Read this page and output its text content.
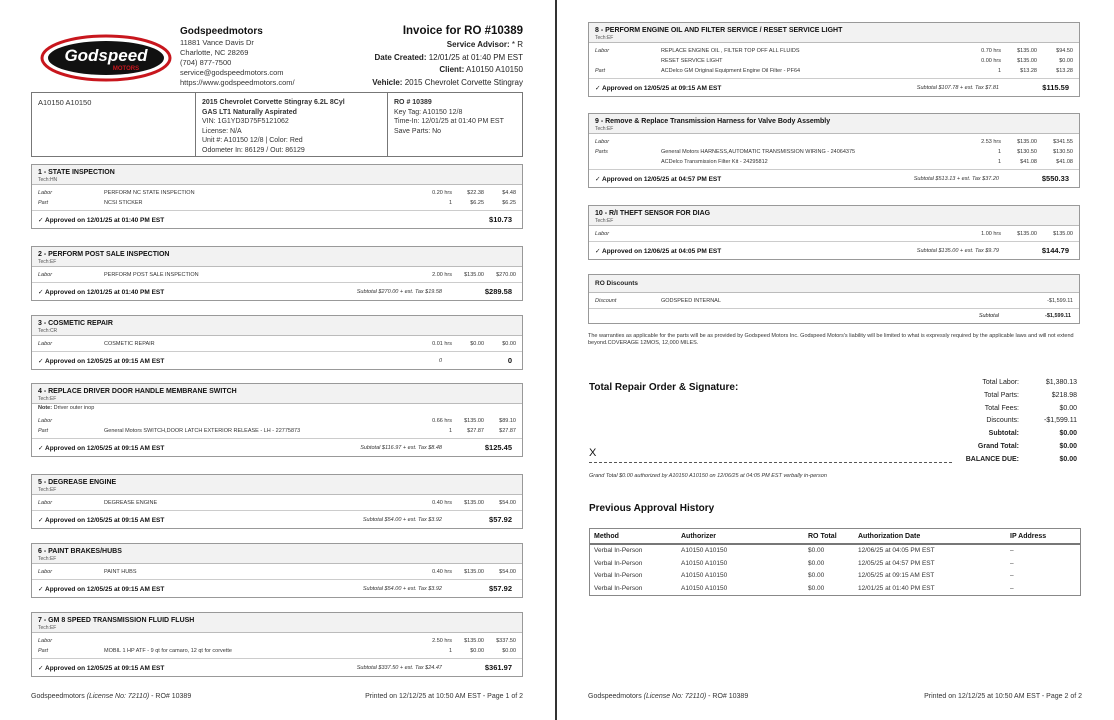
Godspeed
MOTORS
Godspeedmotors
11881 Vance Davis Dr
Charlotte, NC 28269
(704) 877-7500
service@godspeedmotors.com
https://www.godspeedmotors.com/
Invoice for RO #10389
Service Advisor: * R
Date Created: 12/01/25 at 01:40 PM EST
Client: A10150 A10150
Vehicle: 2015 Chevrolet Corvette Stingray
A10150 A10150	2015 Chevrolet Corvette Stingray 6.2L 8Cyl
GAS LT1 Naturally Aspirated
VIN: 1G1YD3D75F5121062
License: N/A
Unit #: A10150 12/8 | Color: Red
Odometer In: 86129 / Out: 86129
RO # 10389
Key Tag: A10150 12/8
Time-In: 12/01/25 at 01:40 PM EST
Save Parts: No
1 - STATE INSPECTION
Tech:HN
Labor	PERFORM NC STATE INSPECTION	0.20 hrs	$22.38	$4.48
Part	NCSI STICKER	1	$6.25	$6.25
✓ Approved on 12/01/25 at 01:40 PM EST	$10.73
2 - PERFORM POST SALE INSPECTION
Tech:EF
Labor	PERFORM POST SALE INSPECTION	2.00 hrs $135.00 $270.00
✓ Approved on 12/01/25 at 01:40 PM EST	Subtotal $270.00 + est. Tax $19.58	$289.58
3 - COSMETIC REPAIR
Tech:CR
Labor	COSMETIC REPAIR	0.01 hrs	$0.00	$0.00
✓ Approved on 12/05/25 at 09:15 AM EST	0	0
4 - REPLACE DRIVER DOOR HANDLE MEMBRANE SWITCH
Tech:EF
Note: Driver outer inop
Labor	0.66 hrs $135.00	$89.10
Part	General Motors SWITCH,DOOR LATCH EXTERIOR RELEASE - LH - 22775873	1	$27.87	$27.87
✓ Approved on 12/05/25 at 09:15 AM EST	Subtotal $116.97 + est. Tax $8.48	$125.45
5 - DEGREASE ENGINE
Tech:EF
Labor	DEGREASE ENGINE	0.40 hrs $135.00	$54.00
✓ Approved on 12/05/25 at 09:15 AM EST	Subtotal $54.00 + est. Tax $3.92	$57.92
6 - PAINT BRAKES/HUBS
Tech:EF
Labor	PAINT HUBS	0.40 hrs $135.00	$54.00
✓ Approved on 12/05/25 at 09:15 AM EST	Subtotal $54.00 + est. Tax $3.92	$57.92
7 - GM 8 SPEED TRANSMISSION FLUID FLUSH
Tech:EF
Labor	2.50 hrs $135.00 $337.50
Part	MOBIL 1 HP ATF - 9 qt for camaro, 12 qt for corvette	1	$0.00	$0.00
✓ Approved on 12/05/25 at 09:15 AM EST	Subtotal $337.50 + est. Tax $24.47	$361.97
Godspeedmotors (License No: 72110) - RO# 10389	Printed on 12/12/25 at 10:50 AM EST - Page 1 of 2
8 - PERFORM ENGINE OIL AND FILTER SERVICE / RESET SERVICE LIGHT
Tech:EF
Labor	REPLACE ENGINE OIL , FILTER TOP OFF ALL FLUIDS	0.70 hrs	$135.00	$94.50
RESET SERVICE LIGHT	0.00 hrs	$135.00	$0.00
Part	ACDelco GM Original Equipment Engine Oil Filter - PF64	1	$13.28	$13.28
✓ Approved on 12/05/25 at 09:15 AM EST	Subtotal $107.78 + est. Tax $7.81	$115.59
9 - Remove & Replace Transmission Harness for Valve Body Assembly
Tech:EF
Labor	2.53 hrs	$135.00	$341.55
Parts	General Motors HARNESS,AUTOMATIC TRANSMISSION WIRING - 24064375	1	$130.50	$130.50
ACDelco Transmission Filter Kit - 24295812	1	$41.08	$41.08
✓ Approved on 12/05/25 at 04:57 PM EST	Subtotal $513.13 + est. Tax $37.20	$550.33
10 - R/I THEFT SENSOR FOR DIAG
Tech:EF
Labor	1.00 hrs	$135.00	$135.00
✓ Approved on 12/06/25 at 04:05 PM EST	Subtotal $135.00 + est. Tax $9.79	$144.79
RO Discounts
Discount	GODSPEED INTERNAL	-$1,599.11
Subtotal	-$1,599.11
The warranties as applicable for the parts will be as provided by Godspeed Motors Inc. Godspeed Motors's liability will be limited to what is expressly required by the applicable laws and will not extend beyond.COVERAGE 12MOS, 12,000 MILES.
Total Repair Order & Signature:
X
Grand Total $0.00 authorized by A10150 A10150 on 12/06/25 at 04:05 PM EST verbally in-person
Total Labor:	$1,380.13
Total Parts:	$218.98
Total Fees:	$0.00
Discounts:	-$1,599.11
Subtotal:	$0.00
Grand Total:	$0.00
BALANCE DUE:	$0.00
Previous Approval History
Method	Authorizer	RO Total	Authorization Date	IP Address
Verbal In-Person	A10150 A10150	$0.00	12/06/25 at 04:05 PM EST	–
Verbal In-Person	A10150 A10150	$0.00	12/05/25 at 04:57 PM EST	–
Verbal In-Person	A10150 A10150	$0.00	12/05/25 at 09:15 AM EST	–
Verbal In-Person	A10150 A10150	$0.00	12/01/25 at 01:40 PM EST	–
Godspeedmotors (License No: 72110) - RO# 10389	Printed on 12/12/25 at 10:50 AM EST - Page 2 of 2
